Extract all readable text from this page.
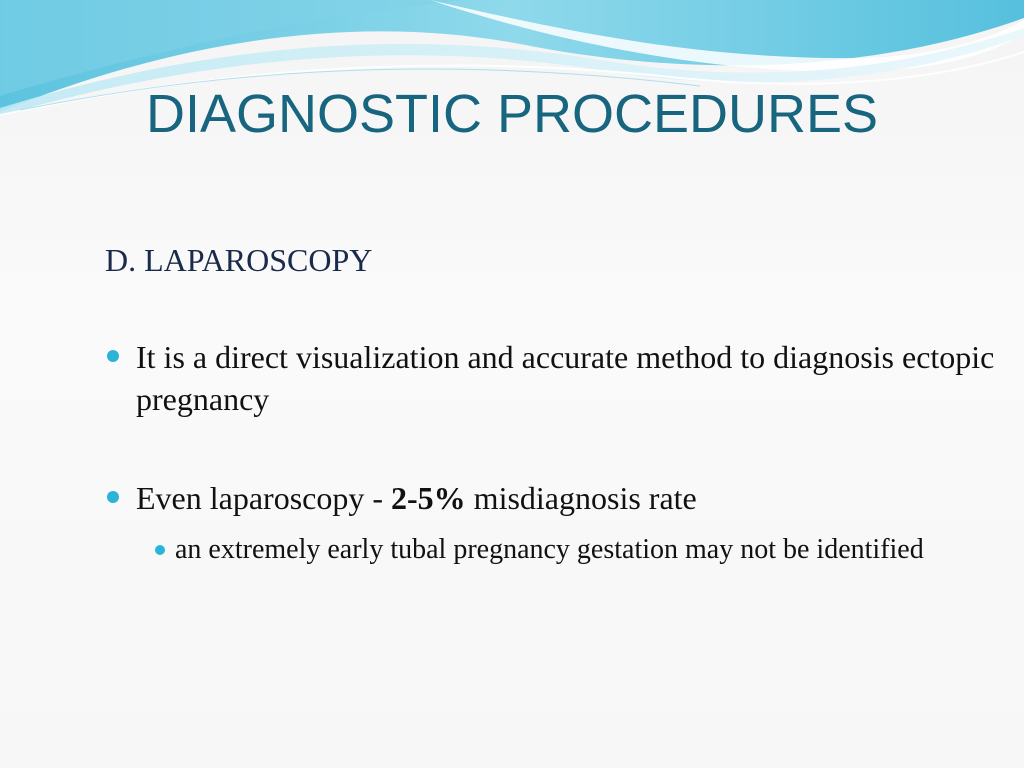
DIAGNOSTIC PROCEDURES
D. LAPAROSCOPY
It is a direct visualization and accurate method to diagnosis ectopic pregnancy
Even laparoscopy - 2-5% misdiagnosis rate
an extremely early tubal pregnancy gestation may not be identified
